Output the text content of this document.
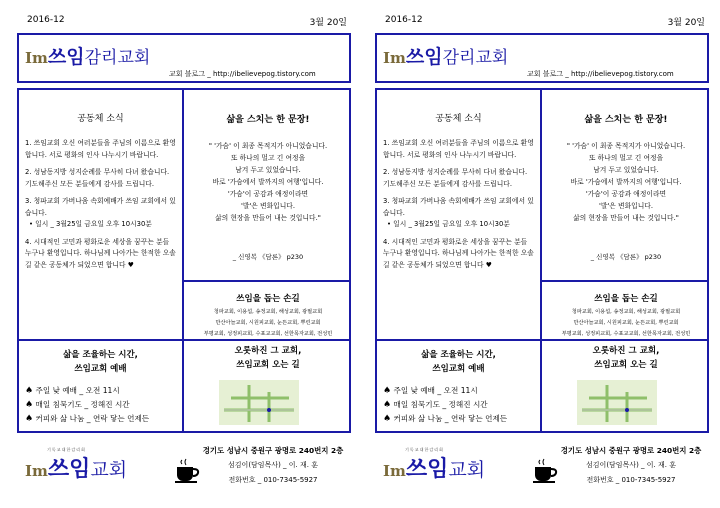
2016-12	3월 20일
Im쓰임감리교회
교회 블로그 _ http://ibelievepog.tistory.com
공동체 소식
1. 쓰임교회 오신 여러분들을 주님의 이름으로 환영합니다. 서로 평화의 인사 나누시기 바랍니다.
2. 성남동지방 성지순례를 무사히 다녀 왔습니다. 기도해주신 모든 분들에게 감사를 드립니다.
3. 청파교회 가버나움 속회예배가 쓰임 교회에서 있습니다.
• 일시 _ 3월25일 금요일 오후 10시30분
4. 시대적인 고민과 평화로운 세상을 꿈꾸는 분들 누구나 환영입니다. 하나님께 나아가는 한적한 오솔길 같은 공동체가 되었으면 합니다 ♥
삶을 스치는 한 문장!
" '가슴' 이 최종 목적지가 아니었습니다.
또 하나의 멀고 긴 여정을
남겨 두고 있었습니다.
바로 '가슴에서 발까지의 여행'입니다.
'가슴'이 공감과 애정이라면
'발'은 변화입니다.
삶의 현장을 만들어 내는 것입니다."
_ 신영복 《담론》 p230
쓰임을 돕는 손길
청파교회, 이용섭, 송정교회, 해성교회, 광필교회
만산아늘교회, 시원피교회, 눈뜬교회, 뿌린교회
부평교회, 성정피교회, 수표교교회, 선한목자교회, 전성민
삶을 조율하는 시간,
쓰임교회 예배
♠ 주일 낮 예배 _ 오전 11시
♠ 매일 침묵기도 _ 정해진 시간
♠ 커피와 삶 나눔 _ 연락 닿는 언제든
오롯하진 그 교회,
쓰임교회 오는 길
기독교대한감리회
Im쓰임교회
경기도 성남시 중원구 광명로 240번지 2층
섬김이(담임목사) _ 이. 재. 훈
전화번호 _ 010-7345-5927
2016-12	3월 20일
Im쓰임감리교회
교회 블로그 _ http://ibelievepog.tistory.com
공동체 소식
1. 쓰임교회 오신 여러분들을 주님의 이름으로 환영합니다. 서로 평화의 인사 나누시기 바랍니다.
2. 성남동지방 성지순례를 무사히 다녀 왔습니다. 기도해주신 모든 분들에게 감사를 드립니다.
3. 청파교회 가버나움 속회예배가 쓰임 교회에서 있습니다.
• 일시 _ 3월25일 금요일 오후 10시30분
4. 시대적인 고민과 평화로운 세상을 꿈꾸는 분들 누구나 환영입니다. 하나님께 나아가는 한적한 오솔길 같은 공동체가 되었으면 합니다 ♥
삶을 스치는 한 문장!
" '가슴' 이 최종 목적지가 아니었습니다.
또 하나의 멀고 긴 여정을
남겨 두고 있었습니다.
바로 '가슴에서 발까지의 여행'입니다.
'가슴'이 공감과 애정이라면
'발'은 변화입니다.
삶의 현장을 만들어 내는 것입니다."
_ 신영복 《담론》 p230
쓰임을 돕는 손길
청파교회, 이용섭, 송정교회, 해성교회, 광필교회
만산아늘교회, 시원피교회, 눈뜬교회, 뿌린교회
부평교회, 성정피교회, 수표교교회, 선한목자교회, 전성민
삶을 조율하는 시간,
쓰임교회 예배
♠ 주일 낮 예배 _ 오전 11시
♠ 매일 침묵기도 _ 정해진 시간
♠ 커피와 삶 나눔 _ 연락 닿는 언제든
오롯하진 그 교회,
쓰임교회 오는 길
기독교대한감리회
Im쓰임교회
경기도 성남시 중원구 광명로 240번지 2층
섬김이(담임목사) _ 이. 재. 훈
전화번호 _ 010-7345-5927
